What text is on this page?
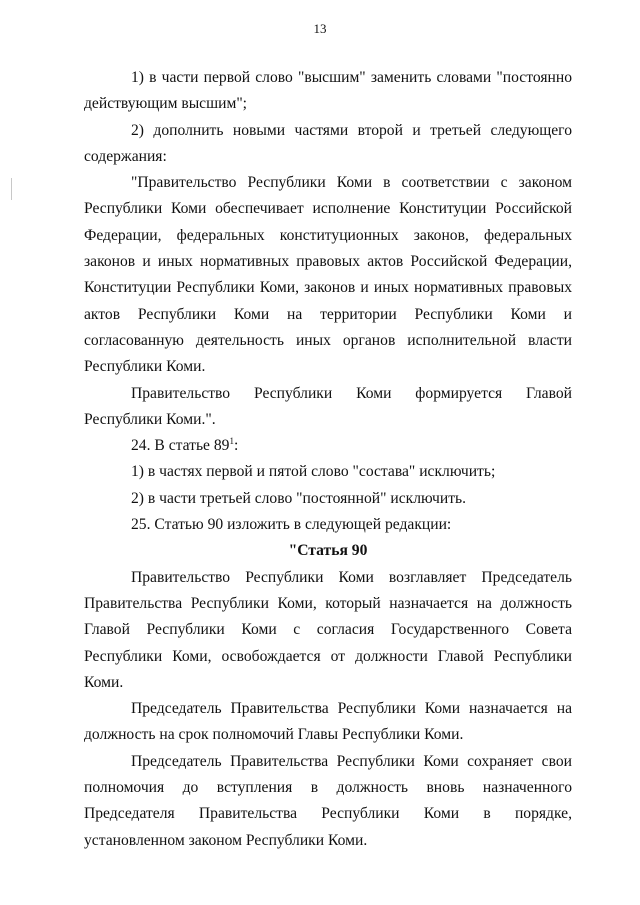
13

1) в части первой слово "высшим" заменить словами "постоянно действующим высшим";

2) дополнить новыми частями второй и третьей следующего содержания:

"Правительство Республики Коми в соответствии с законом Республики Коми обеспечивает исполнение Конституции Российской Федерации, федеральных конституционных законов, федеральных законов и иных нормативных правовых актов Российской Федерации, Конституции Республики Коми, законов и иных нормативных правовых актов Республики Коми на территории Республики Коми и согласованную деятельность иных органов исполнительной власти Республики Коми.

Правительство Республики Коми формируется Главой Республики Коми.".

24. В статье $89^1$:

1) в частях первой и пятой слово "состава" исключить;

2) в части третьей слово "постоянной" исключить.

25. Статью 90 изложить в следующей редакции:

"Статья 90

Правительство Республики Коми возглавляет Председатель Правительства Республики Коми, который назначается на должность Главой Республики Коми с согласия Государственного Совета Республики Коми, освобождается от должности Главой Республики Коми.

Председатель Правительства Республики Коми назначается на должность на срок полномочий Главы Республики Коми.

Председатель Правительства Республики Коми сохраняет свои полномочия до вступления в должность вновь назначенного Председателя Правительства Республики Коми в порядке, установленном законом Республики Коми.
